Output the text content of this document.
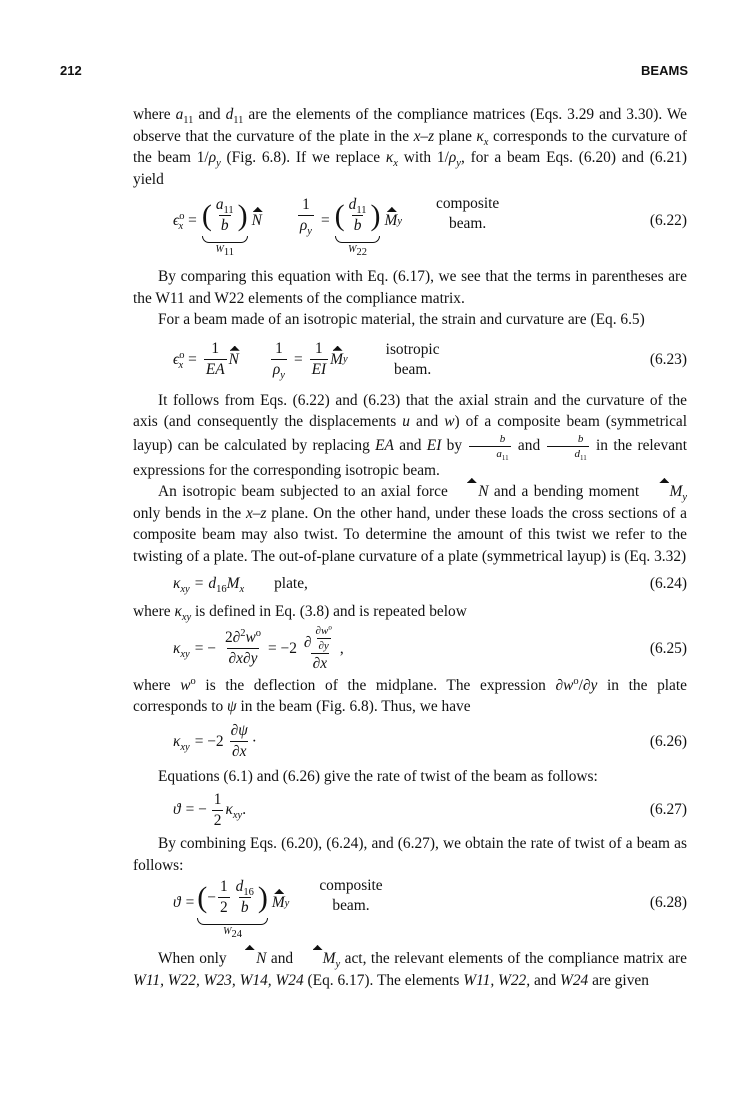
212	BEAMS

where $a_{11}$ and $d_{11}$ are the elements of the compliance matrices (Eqs. 3.29 and 3.30). We observe that the curvature of the plate in the x–z plane $\kappa_x$ corresponds to the curvature of the beam $1/\rho_y$ (Fig. 6.8). If we replace $\kappa_x$ with $1/\rho_y$, for a beam Eqs. (6.20) and (6.21) yield

$\epsilon^o_x$ = ( $\frac{a_{11}}{b}$ )
$W_{11}$
N $\frac{1}{\rho_y}$ = ( $\frac{d_{11}}{b}$ )
$W_{22}$
M y
composite
beam.	(6.22)

By comparing this equation with Eq. (6.17), we see that the terms in parentheses are the W11 and W22 elements of the compliance matrix.

For a beam made of an isotropic material, the strain and curvature are (Eq. 6.5)

$\epsilon^o_x = \frac{1}{EA}$ N $\frac{1}{\rho_y} = \frac{1}{EI}$ M y
isotropic
beam.
(6.23)

It follows from Eqs. (6.22) and (6.23) that the axial strain and the curvature of the axis (and consequently the displacements u and w) of a composite beam (symmetrical layup) can be calculated by replacing EA and EI by $\frac{b}{a_{11}}$ and $\frac{b}{d_{11}}$ in the relevant expressions for the corresponding isotropic beam.

An isotropic beam subjected to an axial force N and a bending moment $M_y$ only bends in the x–z plane. On the other hand, under these loads the cross sections of a composite beam may also twist. To determine the amount of this twist we refer to the twisting of a plate. The out-of-plane curvature of a plate (symmetrical layup) is (Eq. 3.32)

$\kappa_{xy} = d_{16}M_x$ plate,	(6.24)

where $\kappa_{xy}$ is defined in Eq. (3.8) and is repeated below

$\kappa_{xy}$ = − $\frac{2\partial^2w^o}{\partial x\partial y} = -2 \frac{\partial \frac{\partial w^o}{\partial y}}{\partial x}$ ,	(6.25)

where $w^o$ is the deflection of the midplane. The expression $\partial w^o/\partial y$ in the plate corresponds to ψ in the beam (Fig. 6.8). Thus, we have

$\kappa_{xy} = -2 \frac{\partial\psi}{\partial x}$ ·	(6.26)

Equations (6.1) and (6.26) give the rate of twist of the beam as follows:

ϑ = − $\frac{1}{2} \kappa_{xy}$ .	(6.27)

By combining Eqs. (6.20), (6.24), and (6.27), we obtain the rate of twist of a beam as follows:

ϑ = ( − $\frac{1}{2} \frac{d_{16}}{b}$ )
$W_{24}$
M y
composite
beam.	(6.28)

When only N and $M_y$ act, the relevant elements of the compliance matrix are W11, W22, W23, W14, W24 (Eq. 6.17). The elements W11, W22, and W24 are given
